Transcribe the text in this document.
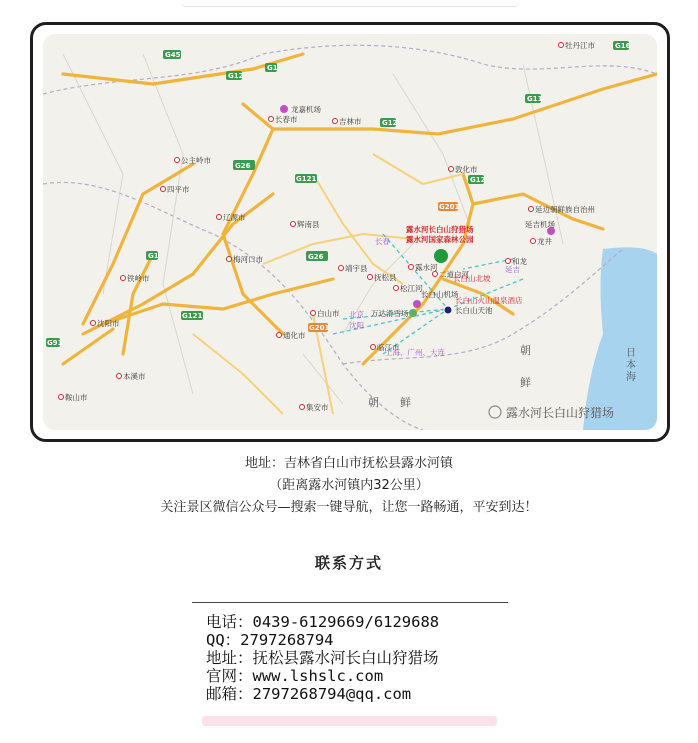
G45
G12
G1
G12
G26
G1212
G26
G1
G1212
G91
G11
G16
G12
G201
G201
长春市	吉林市
公主岭市
四平市
辽源市
铁岭市
沈阳市
本溪市
鞍山市
梅河口市
辉南县
靖宇县
抚松县
白山市
通化市
临江市
集安市
敦化市
延边朝鲜族自治州
龙井
和龙
二道白河
露水河
松江河
牡丹江市
龙嘉机场
延吉机场
长白山机场
万达滑雪场
露水河长白山狩猎场
露水河国家森林公园
长白山天池
长白山北坡
长白山火山温泉酒店
长春
延吉
北京
沈阳
上海、广州、大连	朝
鲜
朝 鲜
日
本
海
露水河长白山狩猎场
地址：吉林省白山市抚松县露水河镇
（距离露水河镇内32公里）
关注景区微信公众号—搜索一键导航，让您一路畅通，平安到达！
联系方式
电话：0439-6129669/6129688
QQ：2797268794
地址：抚松县露水河长白山狩猎场
官网：www.lshslc.com
邮箱：2797268794@qq.com
